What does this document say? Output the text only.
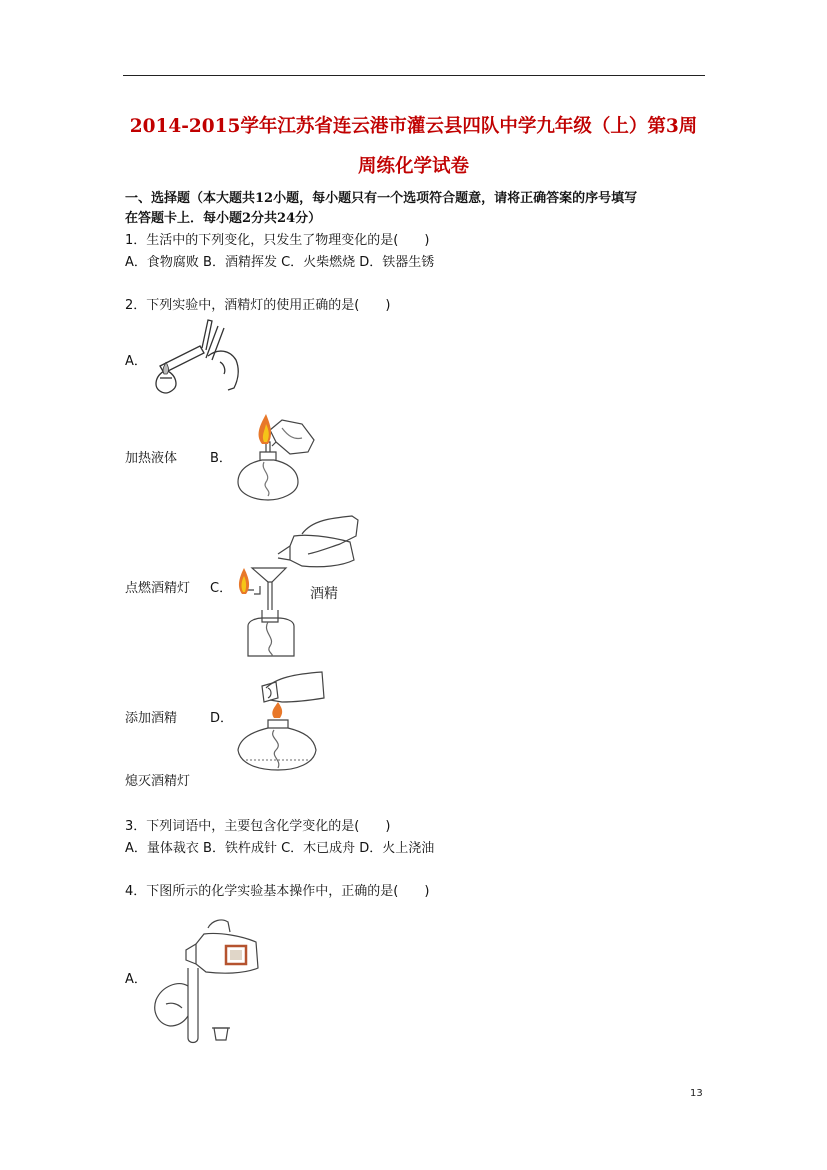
2014-2015学年江苏省连云港市灌云县四队中学九年级（上）第3周
周练化学试卷
一、选择题（本大题共12小题，每小题只有一个选项符合题意，请将正确答案的序号填写
在答题卡上．每小题2分共24分）
1．生活中的下列变化，只发生了物理变化的是(　　)
A．食物腐败 B．酒精挥发 C．火柴燃烧 D．铁器生锈
2．下列实验中，酒精灯的使用正确的是(　　)
A．
加热液体	B．
点燃酒精灯 C．	酒精
添加酒精	D．
熄灭酒精灯
3．下列词语中，主要包含化学变化的是(　　)
A．量体裁衣 B．铁杵成针 C．木已成舟 D．火上浇油
4．下图所示的化学实验基本操作中，正确的是(　　)
A．
13
